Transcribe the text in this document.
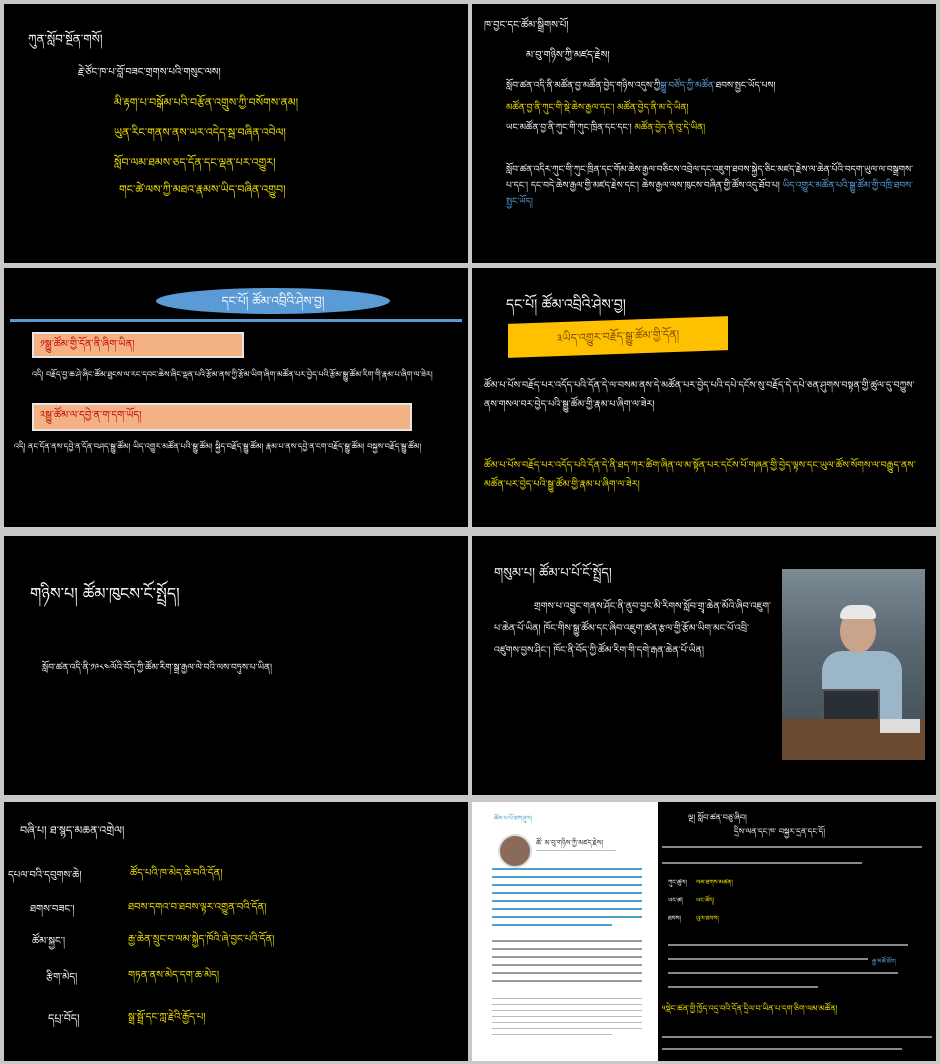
ཀུན་སློབ་སྔོན་གསོ།
རྗེ་ཙོང་ཁ་པ་བློ་བཟང་གྲགས་པའི་གསུང་ལས།
མི་རྟག་པ་བསྒོམ་པའི་བརྩོན་འགྲུས་ཀྱི་བསོགས་ནམ།
ཡུན་རིང་གནས་ནས་ཡར་འདེད་སྦ་བཞིན་འབེལ།
སློབ་ལམ་ཐམས་ཅད་དོན་དང་ལྡན་པར་འགྱུར།
གང་ཚེ་ལས་ཀྱི་མཐའ་རྣམས་ཡིད་བཞིན་འགྱུབ།
ཁ་བྱང་དང་ཚོམ་སྒྲིགས་པོ།
མ་བུ་གཉིས་ཀྱི་མཛད་རྗེས།
སློབ་ཚན་འདི་ནི་མཚོན་བྱ་མཚོན་བྱེད་གཉིས་འདུས་ཀྱིསྒྱུ་བཙོད་ཀྱི་མཚོན་ཐབས་སྤྱང་ཡོད་པས།
མཚོན་བྱ་ནི་ཀུང་གི་སྡེ་ཆེས་རྒྱལ་དང་། མཚོན་བྱེད་ནི་མ་དེ་ཡིན།
ཡང་མཚོན་བྱ་ནི་ཀུང་གི་ཀུང་ཁྲིན་དང་དང་། མཚོན་བྱེད་ནི་བུ་དེ་ཡིན།
སློབ་ཚན་འདིར་ཀུང་གི་ཀུང་ཁྲིན་དང་གོམ་ཆེས་རྒྱལ་བཅིངས་འབྲེལ་དང་འཇུག་ཐབས་སྐྱེད་ཅིང་མཛད་རྗེས་ལ་ཆེན་པོའི་བདག་ཡུལ་ལ་བསྒྲགས་པ་དང་། དང་བདེ་ཆེས་རྒྱལ་གྱི་མཛད་རྗེས་དང་། ཆེས་རྒྱལ་ལས་ཁུངས་བཞིན་གྱི་ཚོས་འདུ་ཐོབ་པ། ཡིད་འགྱུར་མཚོན་པའི་སྒྱུ་ཚོམ་གྱི་འཁྲི་ཐབས་སྤྱང་ཡོད།
དང་པོ། ཚོམ་འབྲིའི་ཤེས་བྱ།
༡སྒྱུ་ཚོམ་གྱི་དོན་ནི་ཞིག་ཡིན།
འདི། བརྗོད་བྱ་ཆ་ཤེ་ཞིང་ཚོམ་ཐུངས་ལ་རང་དབང་ཆེས་ཞིང་ལྡན་པའི་རྩོམ་ནས་ཀྱི་རྩོམ་ཡིག་ཞིག་མཚོན་པར་བྱེད་པའི་རྩོམ་སྒྱུ་ཚོམ་རིག་གི་རྣམ་པ་ཞིག་ལ་ཟེར།
༢སྒྱུ་ཚོམ་ལ་དབྱེ་ན་ག་དག་ཡོད།
འདི། ནང་དོན་ནས་དབྱེ་ན་དོན་བཤད་སྒྱུ་ཚོམ། ཡིད་འགྱུར་མཚོན་པའི་སྒྱུ་ཚོམ། སྐྱིད་བརྗོད་སྒྱུ་ཚོམ། རྣམ་པ་ནས་དབྱེ་ན་ངག་བརྗོད་སྒྱུ་ཚོམ། བསྐྱས་བརྗོད་སྒྱུ་ཚོམ།
དང་པོ། ཚོམ་འབྲིའི་ཤེས་བྱ།
༣ཡིད་འགྱུར་བརྗོད་སྒྱུ་ཚོམ་གྱི་དོན།
ཚོམ་པ་པོས་བརྗོད་པར་འདོད་པའི་དོན་དེ་ལ་བསམ་ནས་དེ་མཚོན་པར་བྱེད་པའི་དཔེ་དངོས་སུ་བརྗོད་དེ་དཔེ་ཅན་ཤུགས་བསྟན་གྱི་ཚུལ་དུ་བཀྱུས་ནས་གསལ་བར་བྱེད་པའི་སྒྱུ་ཚོམ་གྱི་རྣམ་པ་ཞིག་ལ་ཟེར།
ཚོམ་པ་པོས་བརྗོད་པར་འདོད་པའི་དོན་དེ་ནི་ཐད་ཀར་ཚིག་ཞིན་ལ་མ་སྟོན་པར་དངོས་པོ་གཞན་གྱི་བྱེད་ལྟས་དང་ཡུལ་ཚོས་སོགས་ལ་བརྒྱུད་ནས་མཚོན་པར་བྱེད་པའི་སྒྱུ་ཚོམ་གྱི་རྣམ་པ་ཞིག་ལ་ཟེར།
གཉིས་པ། ཚོམ་ཁུངས་ངོ་སྤྲོད།
སློབ་ཚན་འདི་ནི་༡༩༨༤ལོའི་བོད་ཀྱི་ཚོམ་རིག་སྒྲ་རྒྱལ་ལེ་བའི་ལས་བཏུས་པ་ཡིན།
གསུམ་པ། ཚོམ་པ་པོ་ངོ་སྤྲོད།
གྲགས་པ་འབྱུང་གནས་ཤོང་ནི་ནུབ་བྱང་མི་རིགས་སློབ་གྲྭ་ཆེན་མོའི་ཞིབ་འཇུག་པ་ཆེན་པོ་ཡིན། ཁོང་གིས་སྒྱུ་ཚོམ་དང་ཞིབ་འཇུག་ཚན་རྩལ་གྱི་རྩོམ་ཡིག་མང་པོ་འབྲི་འཛུགས་བྱས་ཤིང་། ཁོང་ནི་བོད་ཀྱི་ཚོམ་རིག་གི་དགེ་རྒན་ཆེན་པོ་ཡིན།
བཞི་པ། ཐ་སྙད་མཆན་འགྲེལ།
དཔལ་བའི་དབུགས་ཆེ།	ཚོད་པའི་ཁ་མེད་ཆེ་བའི་དོན།
ཐགས་བཟང་།	ཐབས་དགའ་བ་ཐབས་ལྟར་འགྱུན་བའི་དོན།
ཚོམ་སྐྱང་།	རྒྱ་ཆེན་སྲུང་བ་ལམ་སྐྱེད་ཁོའི་ཞེ་བྱང་པའི་དོན།
རྩིག་མེད།	གཏན་ནས་མེད་དག་ཆ་མེད།
དཔྲ་བོད།	སྒྲ་སྦྲོ་དང་ཀླ་རྗེའི་རྒྱོད་པ།
ཚོམ་པ་པོ་ཐག་ཤུལ།
ཚོ་ མ་བུ་གཉིས་ཀྱི་མཛད་རྗེས།
ལྔ། སློབ་ཚན་བཅུ་ཞིབ།
དྲིས་ལན་དང་ཁ་ བསྐྱར་དྲན་དང་དོ།
ཀུང་ཚུལ། ལམ་ཐགས་མཚན།
ཡང་ཚ། ཡང་ཚོད།
ཐབས།	ཡུལ་ཐབས།
རྒྱ་མཚོ་ཐོབ།
༥སྡེང་ཚན་གྱི་ཁྱོད་འདྲ་བའི་དོན་དྲིལ་བ་ཡིན་པ་དག་ཅིག་ལམ་མཚོན།
